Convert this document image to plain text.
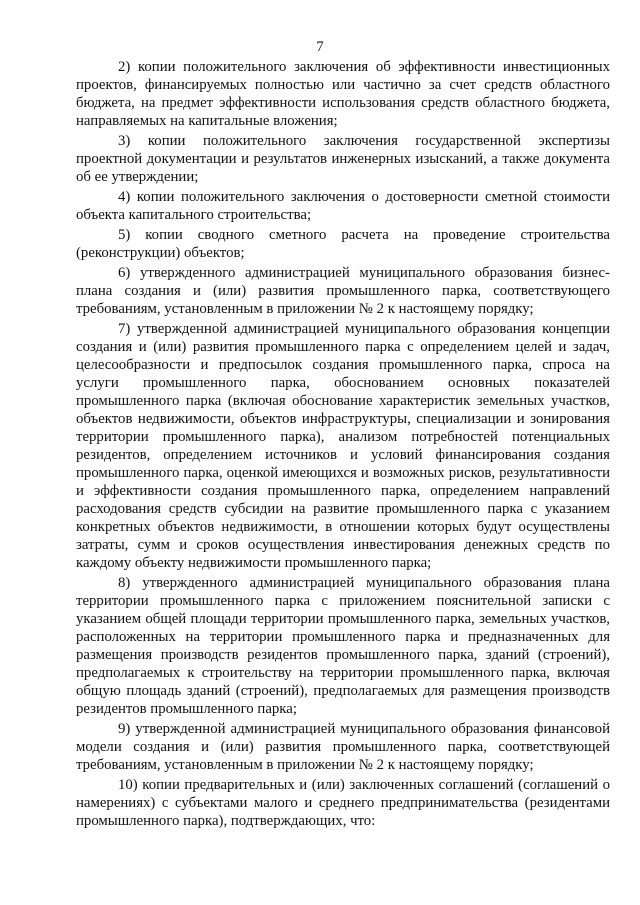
7

2) копии положительного заключения об эффективности инвестиционных проектов, финансируемых полностью или частично за счет средств областного бюджета, на предмет эффективности использования средств областного бюджета, направляемых на капитальные вложения;

3) копии положительного заключения государственной экспертизы проектной документации и результатов инженерных изысканий, а также документа об ее утверждении;

4) копии положительного заключения о достоверности сметной стоимости объекта капитального строительства;

5) копии сводного сметного расчета на проведение строительства (реконструкции) объектов;

6) утвержденного администрацией муниципального образования бизнес-плана создания и (или) развития промышленного парка, соответствующего требованиям, установленным в приложении № 2 к настоящему порядку;

7) утвержденной администрацией муниципального образования концепции создания и (или) развития промышленного парка с определением целей и задач, целесообразности и предпосылок создания промышленного парка, спроса на услуги промышленного парка, обоснованием основных показателей промышленного парка (включая обоснование характеристик земельных участков, объектов недвижимости, объектов инфраструктуры, специализации и зонирования территории промышленного парка), анализом потребностей потенциальных резидентов, определением источников и условий финансирования создания промышленного парка, оценкой имеющихся и возможных рисков, результативности и эффективности создания промышленного парка, определением направлений расходования средств субсидии на развитие промышленного парка с указанием конкретных объектов недвижимости, в отношении которых будут осуществлены затраты, сумм и сроков осуществления инвестирования денежных средств по каждому объекту недвижимости промышленного парка;

8) утвержденного администрацией муниципального образования плана территории промышленного парка с приложением пояснительной записки с указанием общей площади территории промышленного парка, земельных участков, расположенных на территории промышленного парка и предназначенных для размещения производств резидентов промышленного парка, зданий (строений), предполагаемых к строительству на территории промышленного парка, включая общую площадь зданий (строений), предполагаемых для размещения производств резидентов промышленного парка;

9) утвержденной администрацией муниципального образования финансовой модели создания и (или) развития промышленного парка, соответствующей требованиям, установленным в приложении № 2 к настоящему порядку;

10) копии предварительных и (или) заключенных соглашений (соглашений о намерениях) с субъектами малого и среднего предпринимательства (резидентами промышленного парка), подтверждающих, что:
